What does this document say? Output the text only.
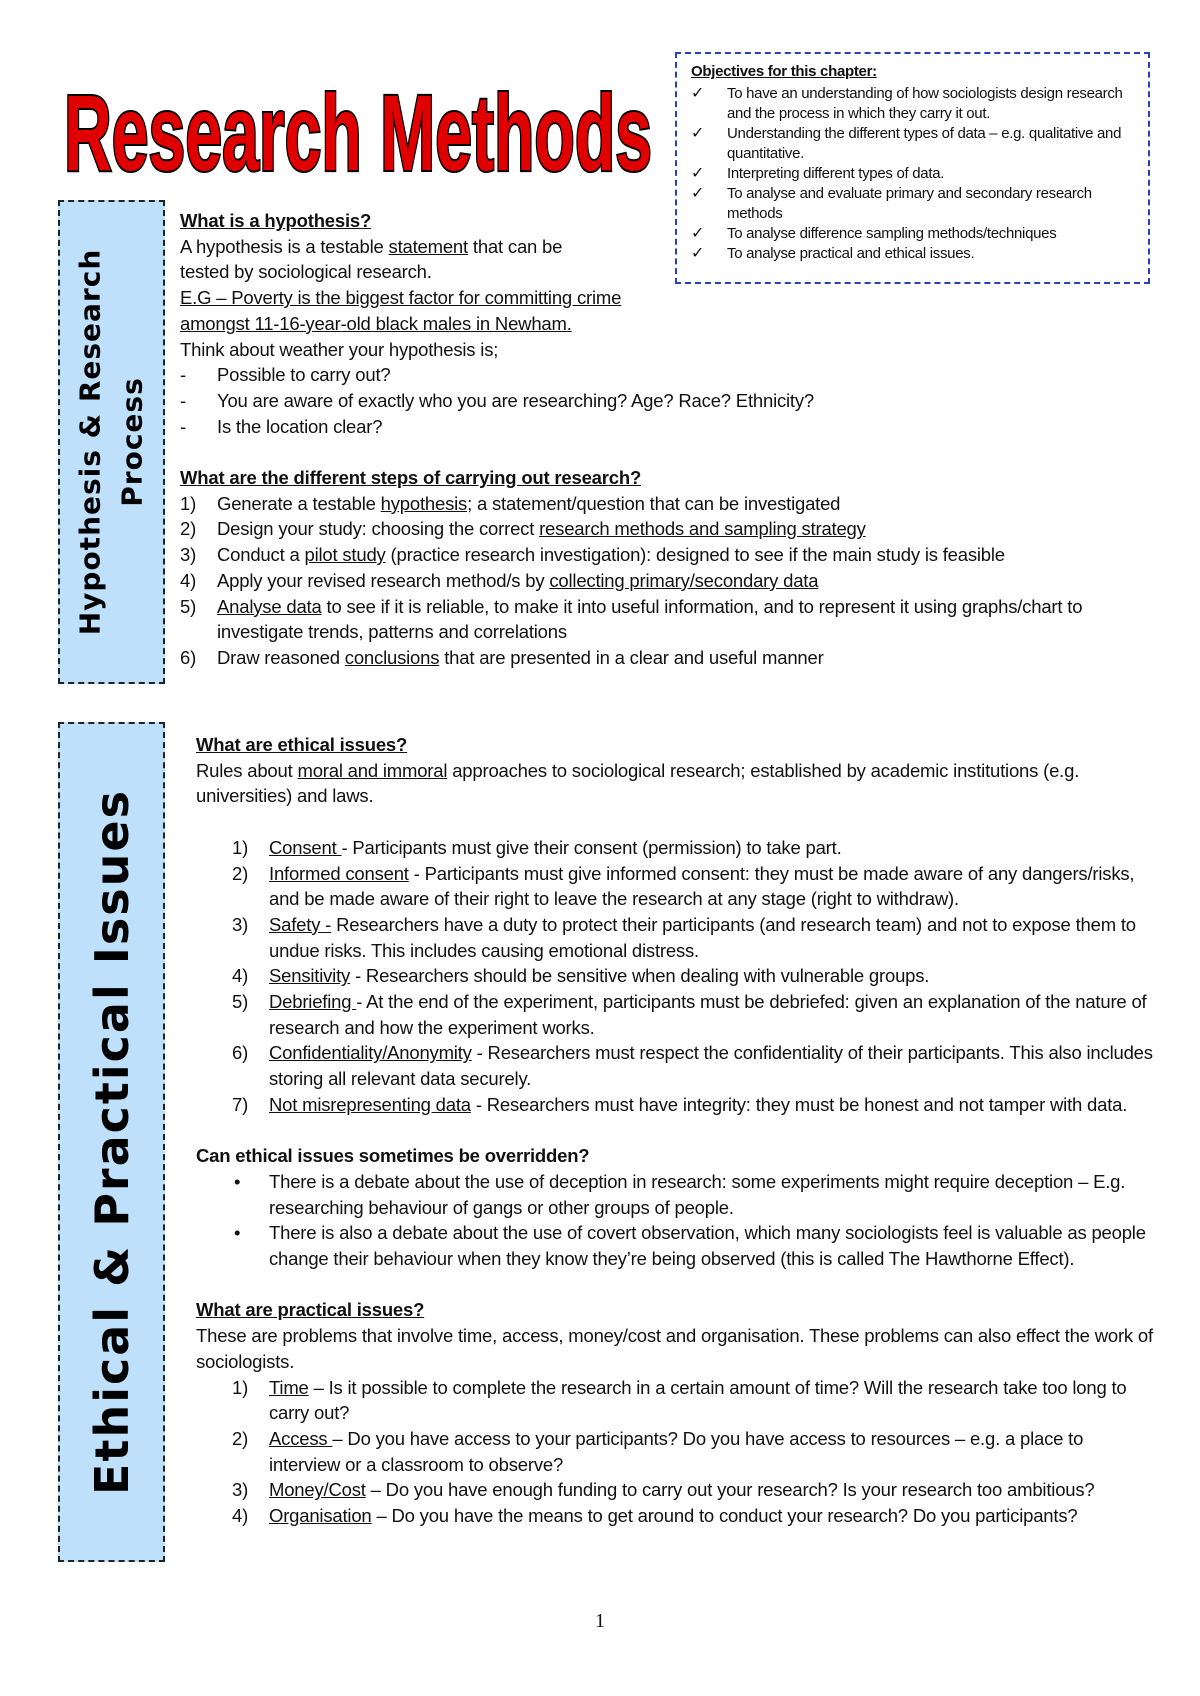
Research Methods
Objectives for this chapter:
✓ To have an understanding of how sociologists design research and the process in which they carry it out.
✓ Understanding the different types of data – e.g. qualitative and quantitative.
✓ Interpreting different types of data.
✓ To analyse and evaluate primary and secondary research methods
✓ To analyse difference sampling methods/techniques
✓ To analyse practical and ethical issues.
Hypothesis & Research Process
What is a hypothesis?
A hypothesis is a testable statement that can be
tested by sociological research.
E.G – Poverty is the biggest factor for committing crime
amongst 11-16-year-old black males in Newham.
Think about weather your hypothesis is;
- Possible to carry out?
- You are aware of exactly who you are researching? Age? Race? Ethnicity?
- Is the location clear?
What are the different steps of carrying out research?
1) Generate a testable hypothesis; a statement/question that can be investigated
2) Design your study: choosing the correct research methods and sampling strategy
3) Conduct a pilot study (practice research investigation): designed to see if the main study is feasible
4) Apply your revised research method/s by collecting primary/secondary data
5) Analyse data to see if it is reliable, to make it into useful information, and to represent it using graphs/chart to
investigate trends, patterns and correlations
6) Draw reasoned conclusions that are presented in a clear and useful manner
Ethical & Practical Issues
What are ethical issues?
Rules about moral and immoral approaches to sociological research; established by academic institutions (e.g.
universities) and laws.
1) Consent - Participants must give their consent (permission) to take part.
2) Informed consent - Participants must give informed consent: they must be made aware of any dangers/risks,
and be made aware of their right to leave the research at any stage (right to withdraw).
3) Safety - Researchers have a duty to protect their participants (and research team) and not to expose them to
undue risks. This includes causing emotional distress.
4) Sensitivity - Researchers should be sensitive when dealing with vulnerable groups.
5) Debriefing - At the end of the experiment, participants must be debriefed: given an explanation of the nature of
research and how the experiment works.
6) Confidentiality/Anonymity - Researchers must respect the confidentiality of their participants. This also includes
storing all relevant data securely.
7) Not misrepresenting data - Researchers must have integrity: they must be honest and not tamper with data.
Can ethical issues sometimes be overridden?
• There is a debate about the use of deception in research: some experiments might require deception – E.g.
researching behaviour of gangs or other groups of people.
• There is also a debate about the use of covert observation, which many sociologists feel is valuable as people
change their behaviour when they know they’re being observed (this is called The Hawthorne Effect).
What are practical issues?
These are problems that involve time, access, money/cost and organisation. These problems can also effect the work of
sociologists.
1) Time – Is it possible to complete the research in a certain amount of time? Will the research take too long to
carry out?
2) Access – Do you have access to your participants? Do you have access to resources – e.g. a place to
interview or a classroom to observe?
3) Money/Cost – Do you have enough funding to carry out your research? Is your research too ambitious?
4) Organisation – Do you have the means to get around to conduct your research? Do you participants?
1
